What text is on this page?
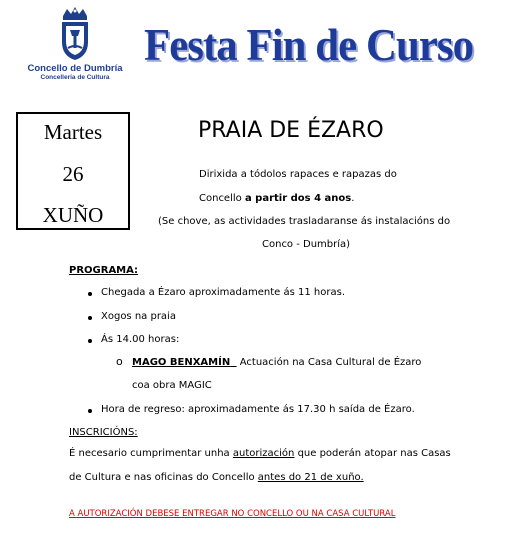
Concello de Dumbría
Concellería de Cultura
Festa Fin de Curso
Martes
26
XUÑO
PRAIA DE ÉZARO
Dirixida a tódolos rapaces e rapazas do
Concello a partir dos 4 anos.
(Se chove, as actividades trasladaranse ás instalacións do
Conco - Dumbría)
PROGRAMA:
Chegada a Ézaro aproximadamente ás 11 horas.
Xogos na praia
Ás 14.00 horas:
o MAGO BENXAMÍN Actuación na Casa Cultural de Ézaro
coa obra MAGIC
Hora de regreso: aproximadamente ás 17.30 h saída de Ézaro.
INSCRICIÓNS:
É necesario cumprimentar unha autorización que poderán atopar nas Casas
de Cultura e nas oficinas do Concello antes do 21 de xuño.
A AUTORIZACIÓN DEBESE ENTREGAR NO CONCELLO OU NA CASA CULTURAL
